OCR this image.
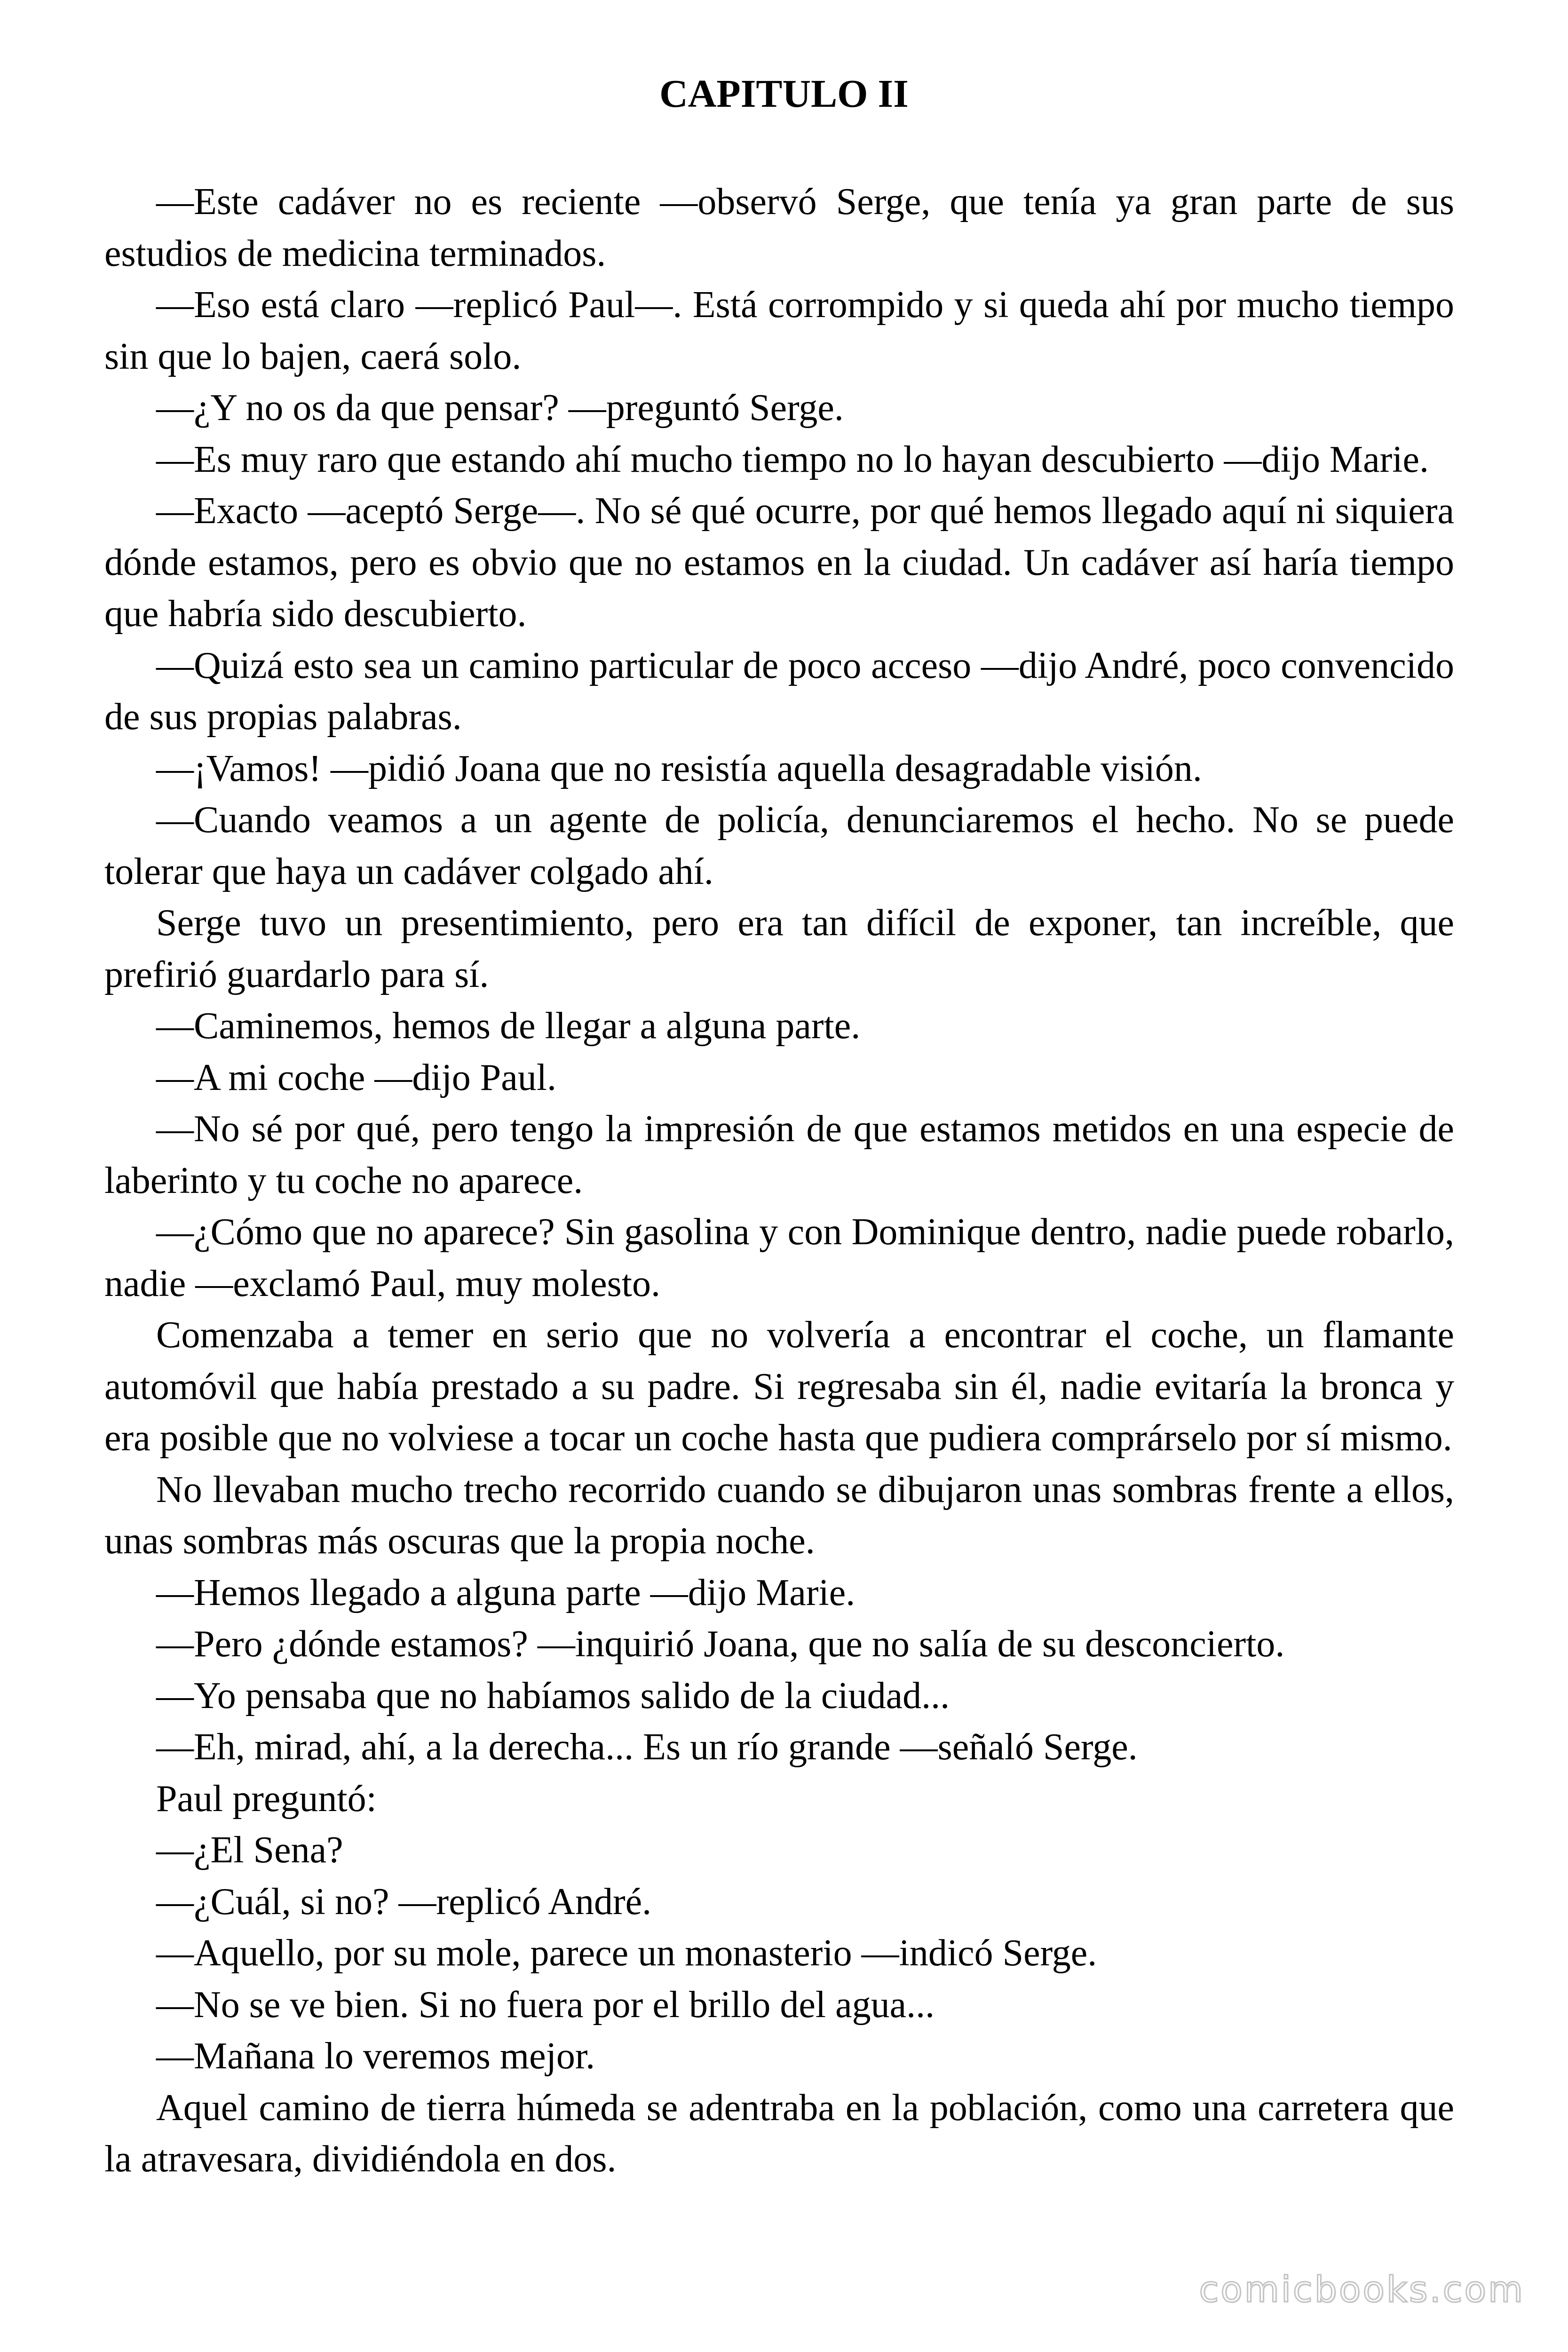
CAPITULO II

—Este cadáver no es reciente —observó Serge, que tenía ya gran parte de sus estudios de medicina terminados.

—Eso está claro —replicó Paul—. Está corrompido y si queda ahí por mucho tiempo sin que lo bajen, caerá solo.

—¿Y no os da que pensar? —preguntó Serge.

—Es muy raro que estando ahí mucho tiempo no lo hayan descubierto —dijo Marie.

—Exacto —aceptó Serge—. No sé qué ocurre, por qué hemos llegado aquí ni siquiera dónde estamos, pero es obvio que no estamos en la ciudad. Un cadáver así haría tiempo que habría sido descubierto.

—Quizá esto sea un camino particular de poco acceso —dijo André, poco convencido de sus propias palabras.

—¡Vamos! —pidió Joana que no resistía aquella desagradable visión.

—Cuando veamos a un agente de policía, denunciaremos el hecho. No se puede tolerar que haya un cadáver colgado ahí.

Serge tuvo un presentimiento, pero era tan difícil de exponer, tan increíble, que prefirió guardarlo para sí.

—Caminemos, hemos de llegar a alguna parte.

—A mi coche —dijo Paul.

—No sé por qué, pero tengo la impresión de que estamos metidos en una especie de laberinto y tu coche no aparece.

—¿Cómo que no aparece? Sin gasolina y con Dominique dentro, nadie puede robarlo, nadie —exclamó Paul, muy molesto.

Comenzaba a temer en serio que no volvería a encontrar el coche, un flamante automóvil que había prestado a su padre. Si regresaba sin él, nadie evitaría la bronca y era posible que no volviese a tocar un coche hasta que pudiera comprárselo por sí mismo.

No llevaban mucho trecho recorrido cuando se dibujaron unas sombras frente a ellos, unas sombras más oscuras que la propia noche.

—Hemos llegado a alguna parte —dijo Marie.

—Pero ¿dónde estamos? —inquirió Joana, que no salía de su desconcierto.

—Yo pensaba que no habíamos salido de la ciudad...

—Eh, mirad, ahí, a la derecha... Es un río grande —señaló Serge.

Paul preguntó:

—¿El Sena?

—¿Cuál, si no? —replicó André.

—Aquello, por su mole, parece un monasterio —indicó Serge.

—No se ve bien. Si no fuera por el brillo del agua...

—Mañana lo veremos mejor.

Aquel camino de tierra húmeda se adentraba en la población, como una carretera que la atravesara, dividiéndola en dos.

comicbooks.com
